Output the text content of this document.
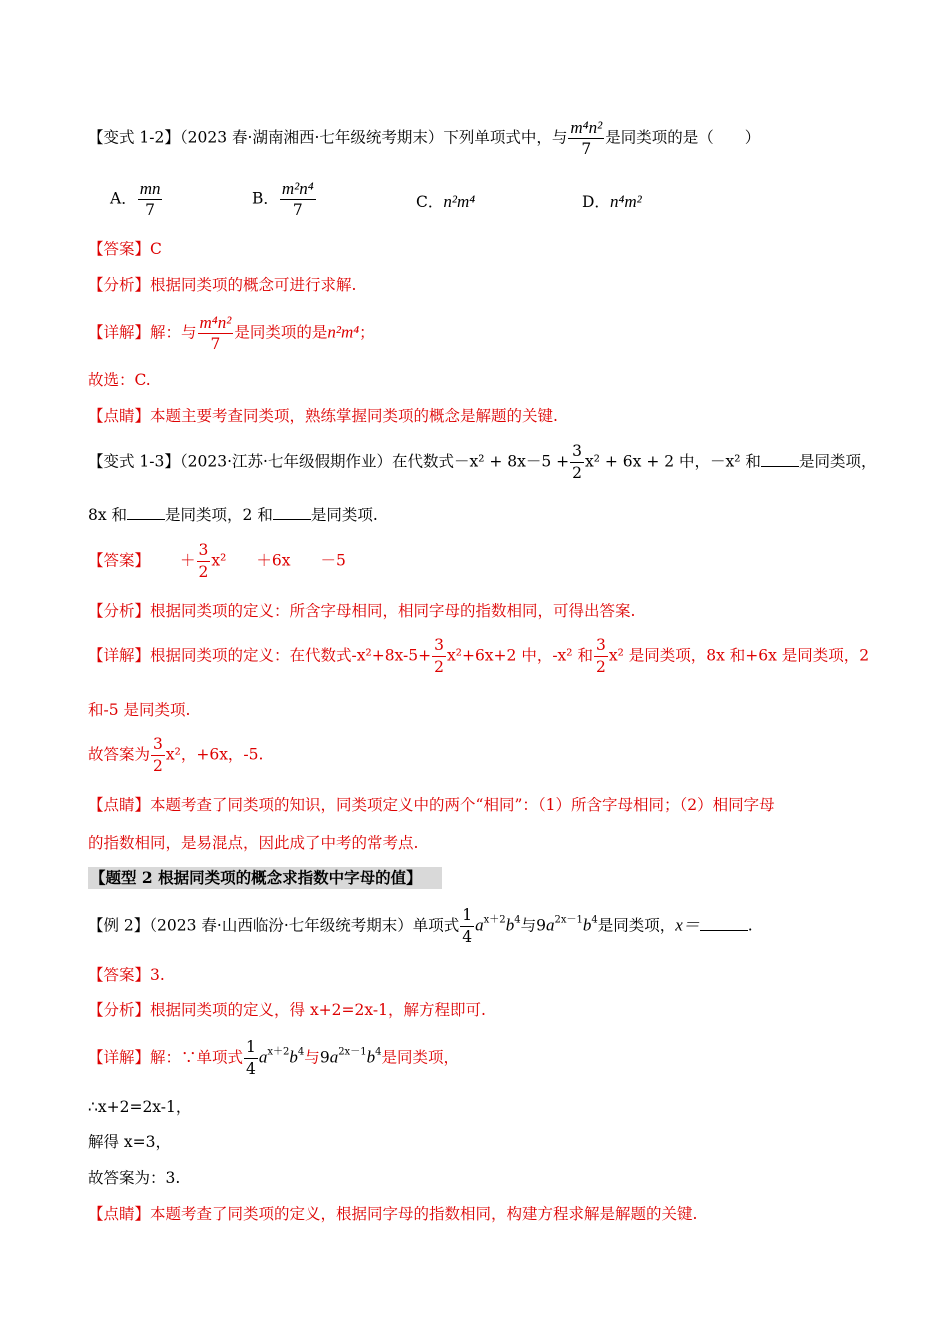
【变式 1-2】（2023 春·湖南湘西·七年级统考期末）下列单项式中，与 $\frac{\text{m⁴n²}}{7}$ 是同类项的是（　　）
A． $\frac{mn}{7}$	B． $\frac{\text{m²n⁴}}{7}$	C．n²m⁴	D．n⁴m²
【答案】C
【分析】根据同类项的概念可进行求解.
【详解】解：与 $\frac{\text{m⁴n²}}{7}$ 是同类项的是n²m⁴；
故选：C.
【点睛】本题主要考查同类项，熟练掌握同类项的概念是解题的关键.
【变式 1-3】（2023·江苏·七年级假期作业）在代数式$-x^2 + 8x-5 + \frac{3}{2} x^2 + 6x + 2$ 中，－x² 和 是同类项，
8x 和 是同类项，2 和 是同类项.
【答案】 ＋ $\frac{3}{2} x^2 +6x -5$
【分析】根据同类项的定义：所含字母相同，相同字母的指数相同，可得出答案.
【详解】根据同类项的定义：在代数式$-x^2+8x-5+ \frac{3}{2} x^2+6x+2$ 中，-x² 和 $\frac{3}{2} x^2$ 是同类项，8x 和+6x 是同类项，2
和-5 是同类项.
故答案为 $\frac{3}{2} x^2$，+6x，-5.
【点睛】本题考查了同类项的知识，同类项定义中的两个“相同”：（1）所含字母相同；（2）相同字母
的指数相同，是易混点，因此成了中考的常考点.
【题型 2 根据同类项的概念求指数中字母的值】
【例 2】（2023 春·山西临汾·七年级统考期末）单项式 $\frac{1}{4} a^{x+2}b^4$与$9a^{2x-1}b^4$是同类项，x＝	.
【答案】3.
【分析】根据同类项的定义，得 x+2=2x-1，解方程即可.
【详解】解：∵单项式 $\frac{1}{4} a^{x+2}b^4$与$9a^{2x-1}b^4$是同类项，
∴x+2=2x-1，
解得 x=3，
故答案为：3.
【点睛】本题考查了同类项的定义，根据同字母的指数相同，构建方程求解是解题的关键.
